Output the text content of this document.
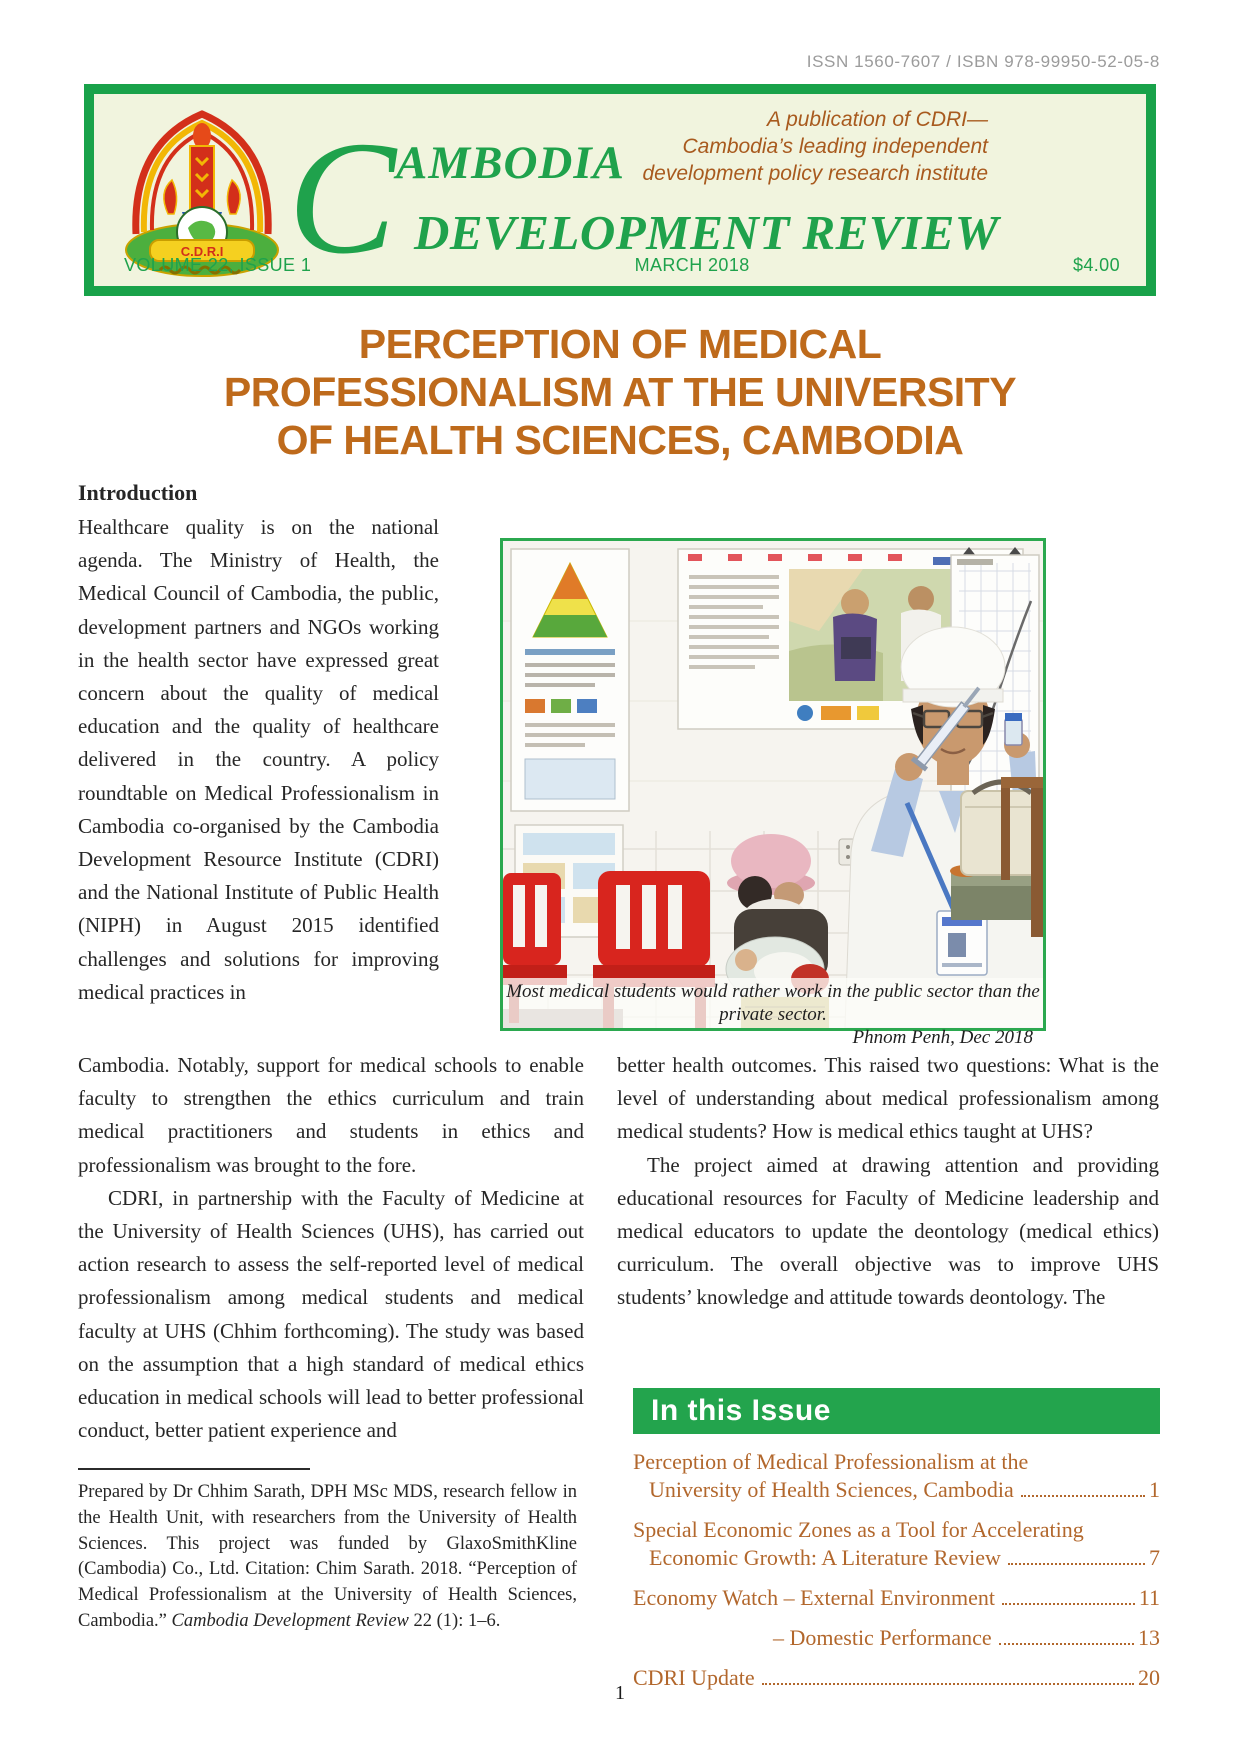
ISSN 1560-7607 / ISBN 978-99950-52-05-8
C.D.R.I C AMBODIA
DEVELOPMENT REVIEW
A publication of CDRI—
Cambodia’s leading independent
development policy research institute
VOLUME 22, ISSUE 1	MARCH 2018	$4.00
PERCEPTION OF MEDICAL
PROFESSIONALISM AT THE UNIVERSITY
OF HEALTH SCIENCES, CAMBODIA
Introduction
Healthcare quality is on the national agenda. The Ministry of Health, the Medical Council of Cambodia, the public, development partners and NGOs working in the health sector have expressed great concern about the quality of medical education and the quality of healthcare delivered in the country. A policy roundtable on Medical Professionalism in Cambodia co-organised by the Cambodia Development Resource Institute (CDRI) and the National Institute of Public Health (NIPH) in August 2015 identified challenges and solutions for improving medical practices in

Cambodia. Notably, support for medical schools to enable faculty to strengthen the ethics curriculum and train medical practitioners and students in ethics and professionalism was brought to the fore.

CDRI, in partnership with the Faculty of Medicine at the University of Health Sciences (UHS), has carried out action research to assess the self-reported level of medical professionalism among medical students and medical faculty at UHS (Chhim forthcoming). The study was based on the assumption that a high standard of medical ethics education in medical schools will lead to better professional conduct, better patient experience and

better health outcomes. This raised two questions: What is the level of understanding about medical professionalism among medical students? How is medical ethics taught at UHS?

The project aimed at drawing attention and providing educational resources for Faculty of Medicine leadership and medical educators to update the deontology (medical ethics) curriculum. The overall objective was to improve UHS students’ knowledge and attitude towards deontology. The

Most medical students would rather work in the public sector than the private sector.
Phnom Penh, Dec 2018
Prepared by Dr Chhim Sarath, DPH MSc MDS, research fellow in the Health Unit, with researchers from the University of Health Sciences. This project was funded by GlaxoSmithKline (Cambodia) Co., Ltd. Citation: Chim Sarath. 2018. “Perception of Medical Professionalism at the University of Health Sciences, Cambodia.” Cambodia Development Review 22 (1): 1–6.
In this Issue
Perception of Medical Professionalism at the
University of Health Sciences, Cambodia	1
Special Economic Zones as a Tool for Accelerating
Economic Growth: A Literature Review	7
Economy Watch – External Environment	11
– Domestic Performance	13
CDRI Update	20
1
